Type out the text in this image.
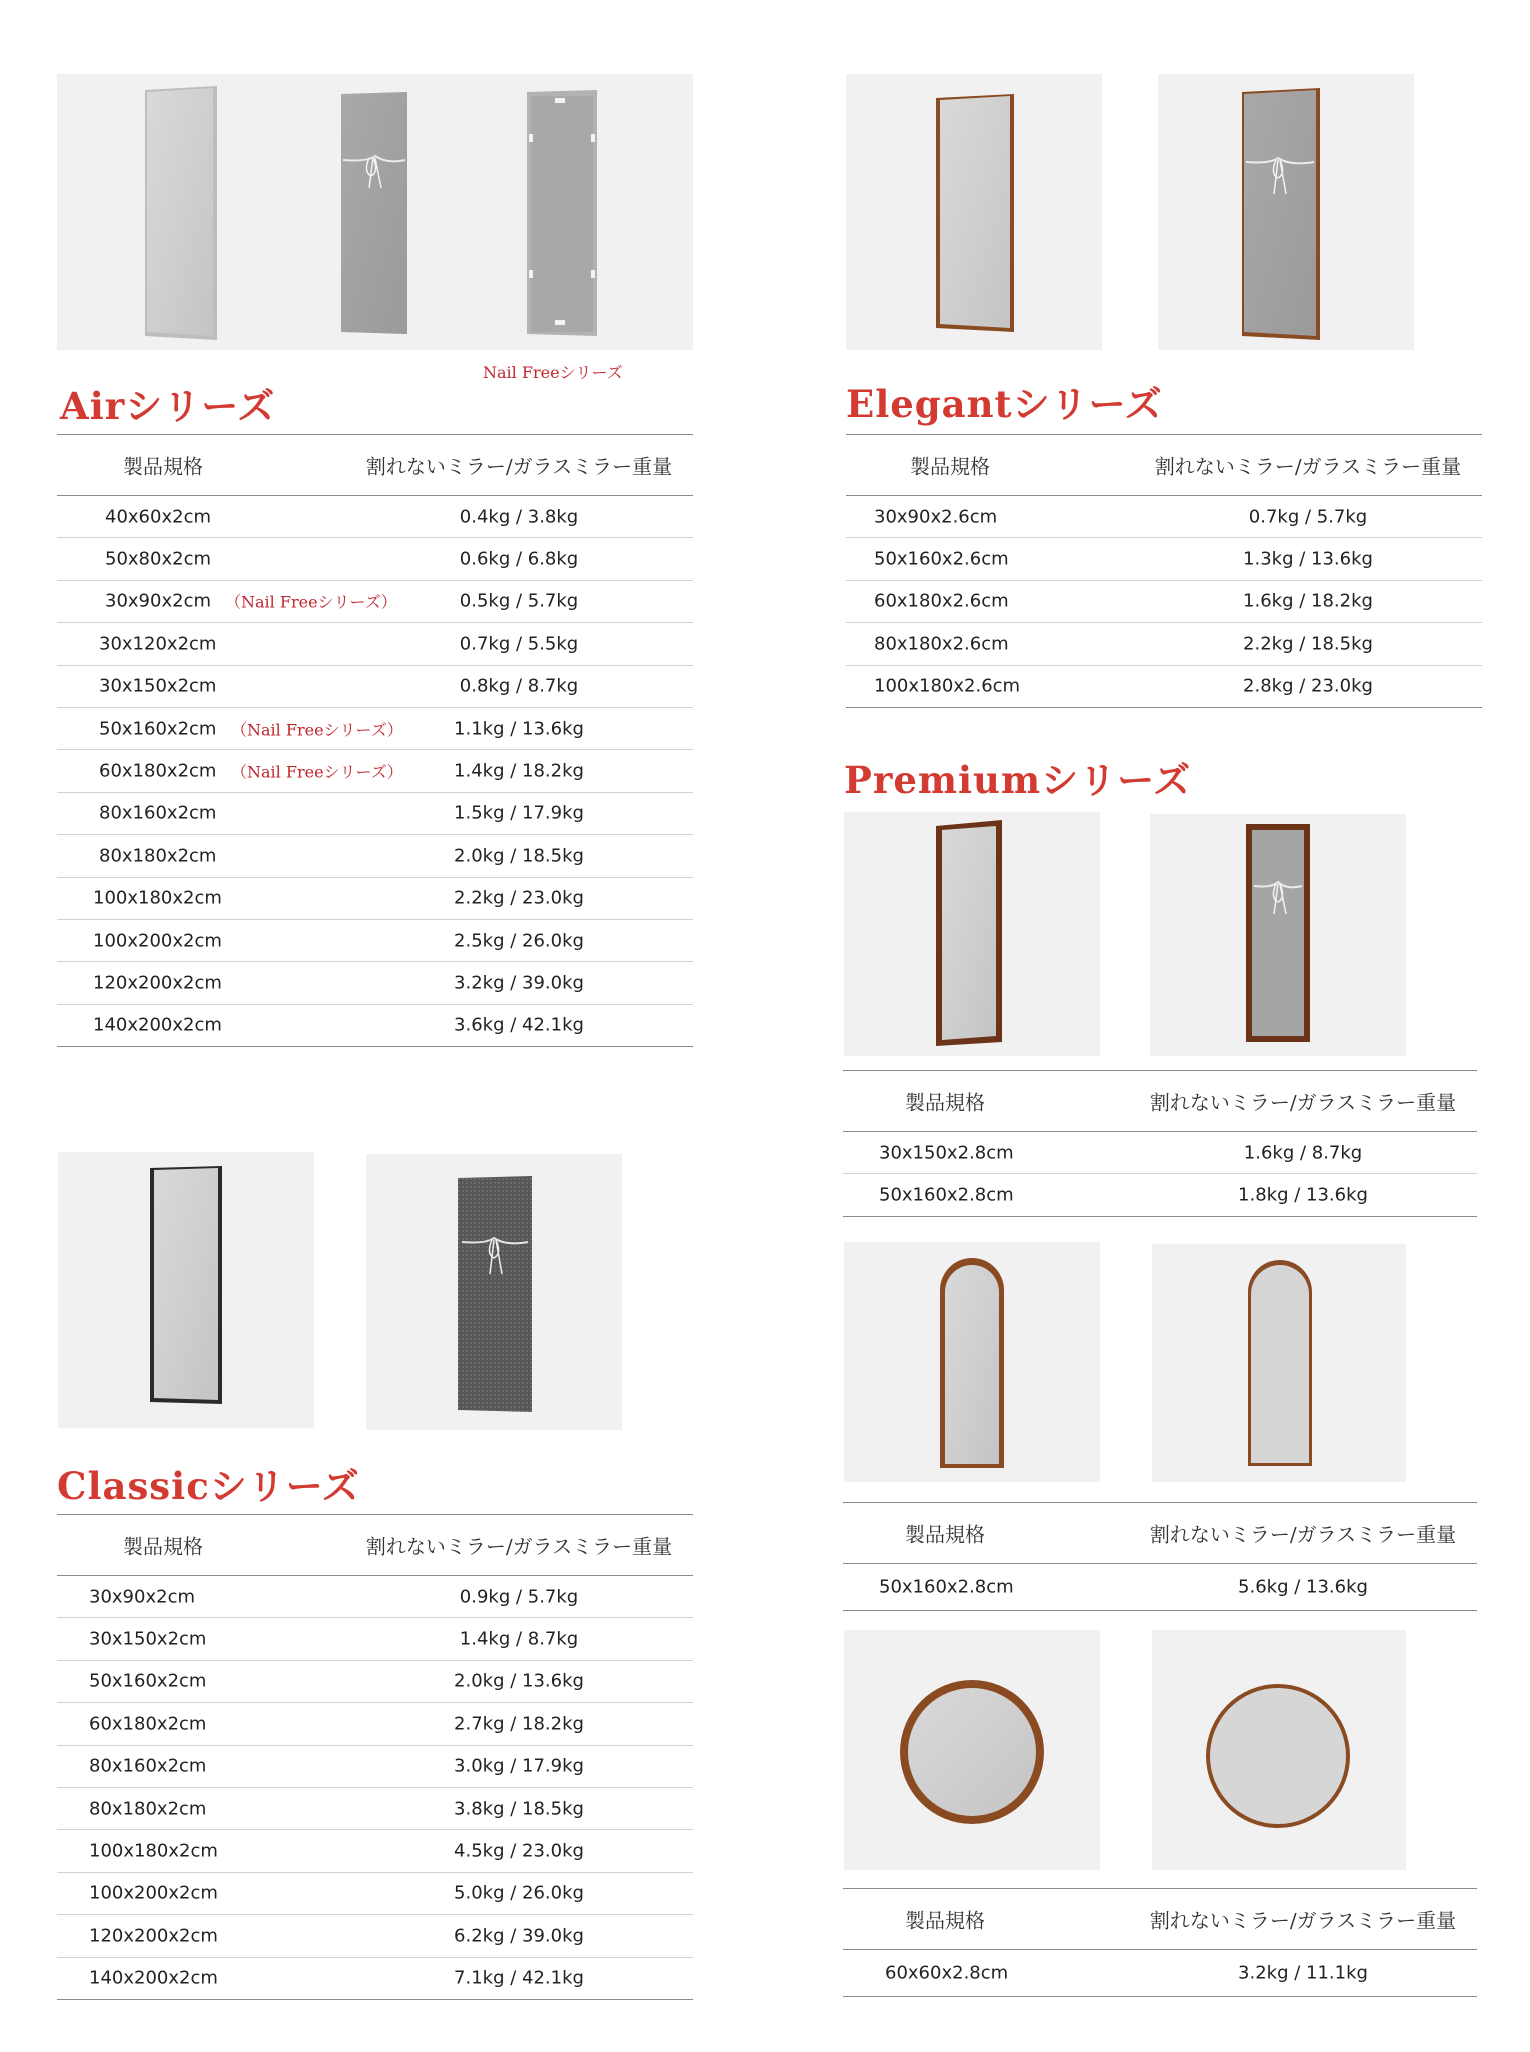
Nail Freeシリーズ
Airシリーズ
製品規格	割れないミラー/ガラスミラー重量
40x60x2cm	0.4kg / 3.8kg
50x80x2cm	0.6kg / 6.8kg
30x90x2cm （Nail Freeシリーズ）	0.5kg / 5.7kg
30x120x2cm	0.7kg / 5.5kg
30x150x2cm	0.8kg / 8.7kg
50x160x2cm （Nail Freeシリーズ）	1.1kg / 13.6kg
60x180x2cm （Nail Freeシリーズ）	1.4kg / 18.2kg
80x160x2cm	1.5kg / 17.9kg
80x180x2cm	2.0kg / 18.5kg
100x180x2cm	2.2kg / 23.0kg
100x200x2cm	2.5kg / 26.0kg
120x200x2cm	3.2kg / 39.0kg
140x200x2cm	3.6kg / 42.1kg
Classicシリーズ
製品規格	割れないミラー/ガラスミラー重量
30x90x2cm	0.9kg / 5.7kg
30x150x2cm	1.4kg / 8.7kg
50x160x2cm	2.0kg / 13.6kg
60x180x2cm	2.7kg / 18.2kg
80x160x2cm	3.0kg / 17.9kg
80x180x2cm	3.8kg / 18.5kg
100x180x2cm	4.5kg / 23.0kg
100x200x2cm	5.0kg / 26.0kg
120x200x2cm	6.2kg / 39.0kg
140x200x2cm	7.1kg / 42.1kg
Elegantシリーズ
製品規格	割れないミラー/ガラスミラー重量
30x90x2.6cm	0.7kg / 5.7kg
50x160x2.6cm	1.3kg / 13.6kg
60x180x2.6cm	1.6kg / 18.2kg
80x180x2.6cm	2.2kg / 18.5kg
100x180x2.6cm	2.8kg / 23.0kg
Premiumシリーズ
製品規格	割れないミラー/ガラスミラー重量
30x150x2.8cm	1.6kg / 8.7kg
50x160x2.8cm	1.8kg / 13.6kg
製品規格	割れないミラー/ガラスミラー重量
50x160x2.8cm	5.6kg / 13.6kg
製品規格	割れないミラー/ガラスミラー重量
60x60x2.8cm	3.2kg / 11.1kg
